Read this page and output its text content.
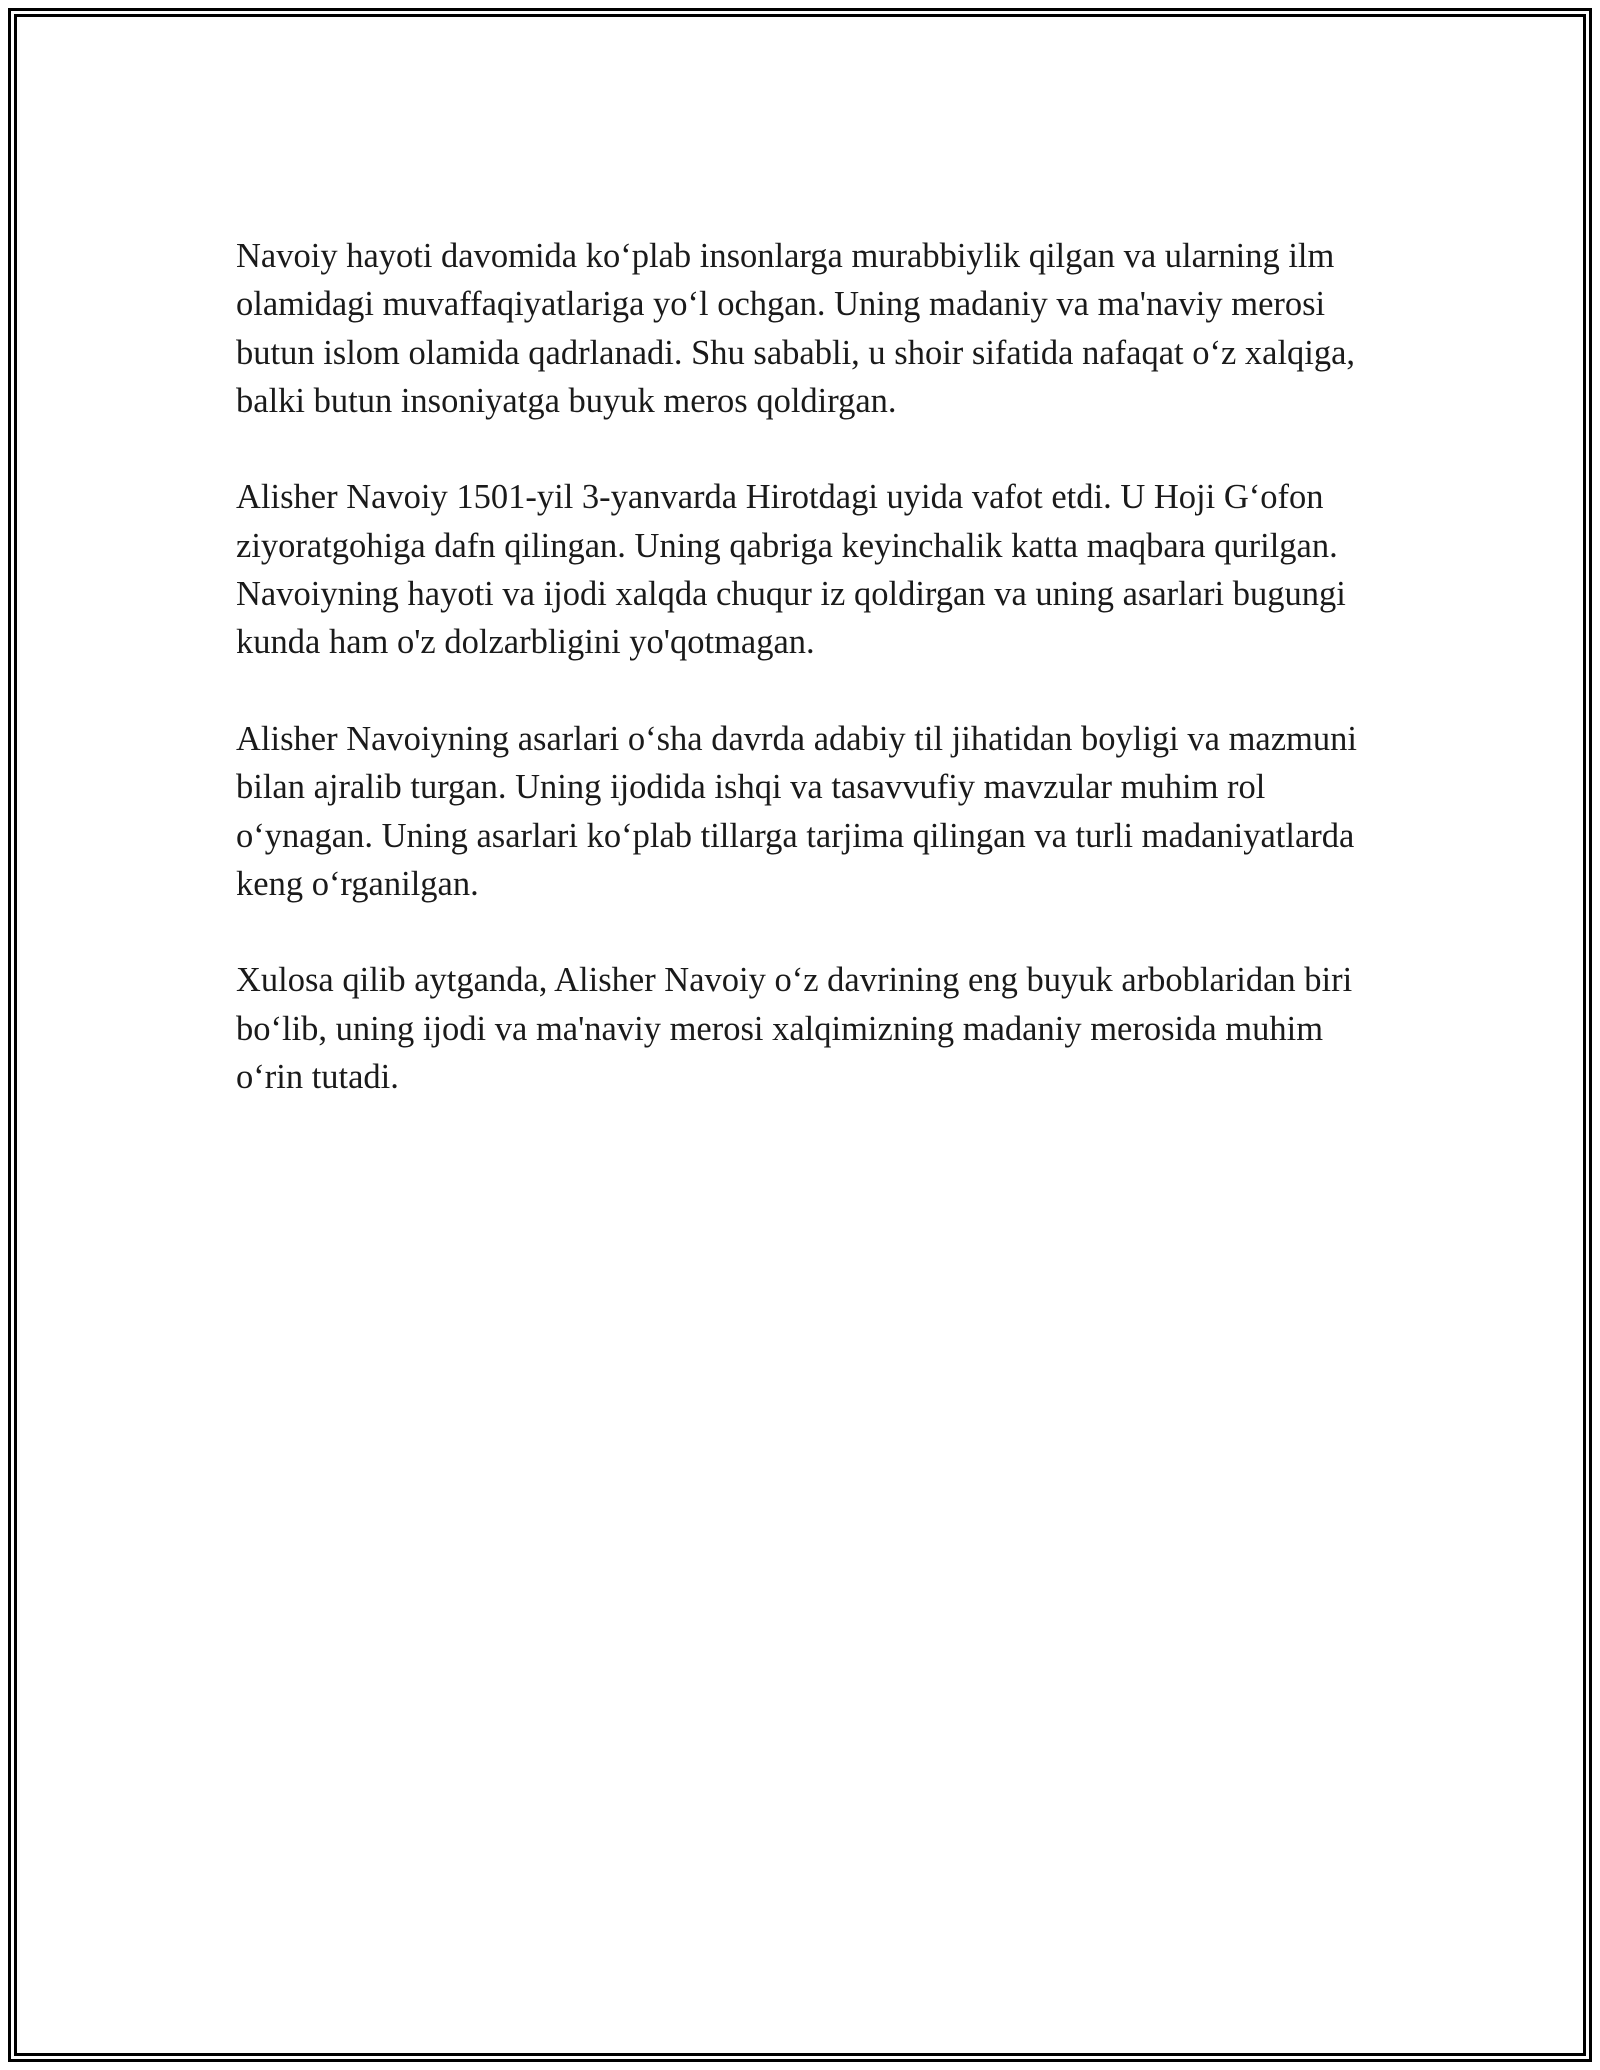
Navoiy hayoti davomida ko‘plab insonlarga murabbiylik qilgan va ularning ilm olamidagi muvaffaqiyatlariga yo‘l ochgan. Uning madaniy va ma'naviy merosi butun islom olamida qadrlanadi. Shu sababli, u shoir sifatida nafaqat o‘z xalqiga, balki butun insoniyatga buyuk meros qoldirgan.

Alisher Navoiy 1501-yil 3-yanvarda Hirotdagi uyida vafot etdi. U Hoji G‘ofon ziyoratgohiga dafn qilingan. Uning qabriga keyinchalik katta maqbara qurilgan. Navoiyning hayoti va ijodi xalqda chuqur iz qoldirgan va uning asarlari bugungi kunda ham o'z dolzarbligini yo'qotmagan.

Alisher Navoiyning asarlari o‘sha davrda adabiy til jihatidan boyligi va mazmuni bilan ajralib turgan. Uning ijodida ishqi va tasavvufiy mavzular muhim rol o‘ynagan. Uning asarlari ko‘plab tillarga tarjima qilingan va turli madaniyatlarda keng o‘rganilgan.

Xulosa qilib aytganda, Alisher Navoiy o‘z davrining eng buyuk arboblaridan biri bo‘lib, uning ijodi va ma'naviy merosi xalqimizning madaniy merosida muhim o‘rin tutadi.
